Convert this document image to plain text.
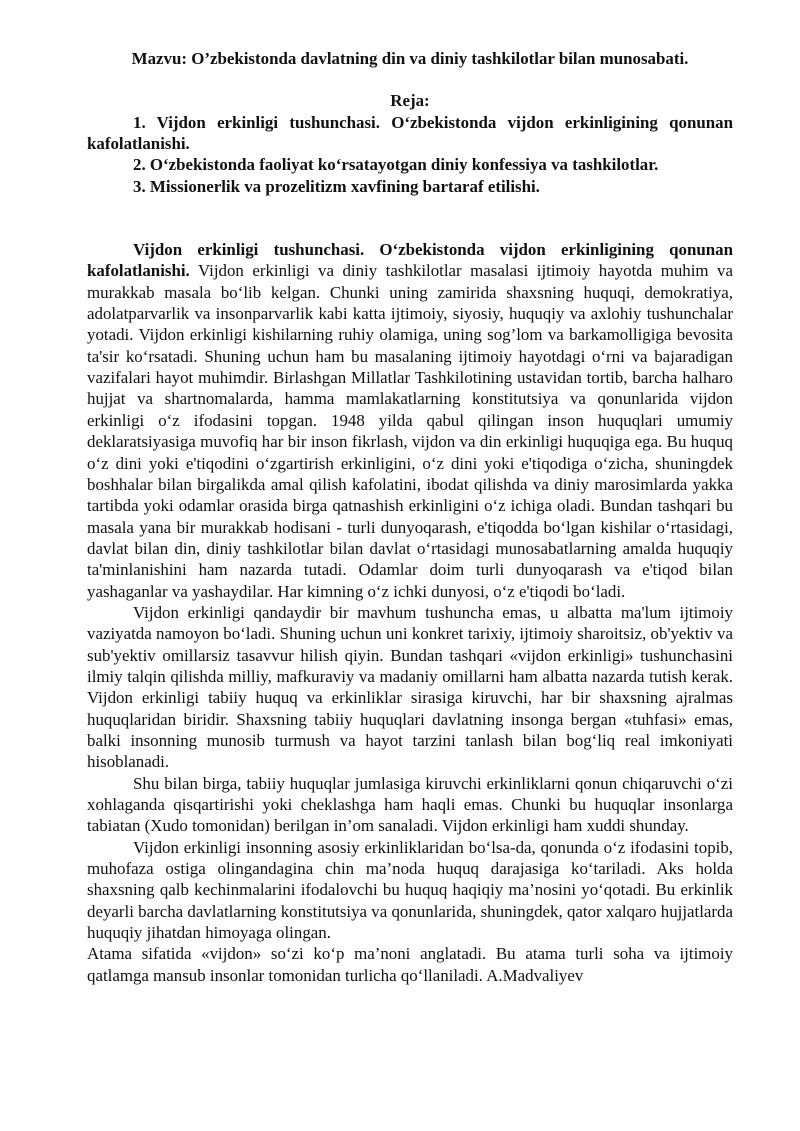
Mazvu: O’zbekistonda davlatning din va diniy tashkilotlar bilan munosabati.

Reja:

1. Vijdon erkinligi tushunchasi. O‘zbekistonda vijdon erkinligining qonunan kafolatlanishi.

2. O‘zbekistonda faoliyat ko‘rsatayotgan diniy konfessiya va tashkilotlar.

3. Missionerlik va prozelitizm xavfining bartaraf etilishi.

Vijdon erkinligi tushunchasi. O‘zbekistonda vijdon erkinligining qonunan kafolatlanishi. Vijdon erkinligi va diniy tashkilotlar masalasi ijtimoiy hayotda muhim va murakkab masala bo‘lib kelgan. Chunki uning zamirida shaxsning huquqi, demokratiya, adolatparvarlik va insonparvarlik kabi katta ijtimoiy, siyosiy, huquqiy va axlohiy tushunchalar yotadi. Vijdon erkinligi kishilarning ruhiy olamiga, uning sog’lom va barkamolligiga bevosita ta'sir ko‘rsatadi. Shuning uchun ham bu masalaning ijtimoiy hayotdagi o‘rni va bajaradigan vazifalari hayot muhimdir. Birlashgan Millatlar Tashkilotining ustavidan tortib, barcha halharo hujjat va shartnomalarda, hamma mamlakatlarning konstitutsiya va qonunlarida vijdon erkinligi o‘z ifodasini topgan. 1948 yilda qabul qilingan inson huquqlari umumiy deklaratsiyasiga muvofiq har bir inson fikrlash, vijdon va din erkinligi huquqiga ega. Bu huquq o‘z dini yoki e'tiqodini o‘zgartirish erkinligini, o‘z dini yoki e'tiqodiga o‘zicha, shuningdek boshhalar bilan birgalikda amal qilish kafolatini, ibodat qilishda va diniy marosimlarda yakka tartibda yoki odamlar orasida birga qatnashish erkinligini o‘z ichiga oladi. Bundan tashqari bu masala yana bir murakkab hodisani - turli dunyoqarash, e'tiqodda bo‘lgan kishilar o‘rtasidagi, davlat bilan din, diniy tashkilotlar bilan davlat o‘rtasidagi munosabatlarning amalda huquqiy ta'minlanishini ham nazarda tutadi. Odamlar doim turli dunyoqarash va e'tiqod bilan yashaganlar va yashaydilar. Har kimning o‘z ichki dunyosi, o‘z e'tiqodi bo‘ladi.

Vijdon erkinligi qandaydir bir mavhum tushuncha emas, u albatta ma'lum ijtimoiy vaziyatda namoyon bo‘ladi. Shuning uchun uni konkret tarixiy, ijtimoiy sharoitsiz, ob'yektiv va sub'yektiv omillarsiz tasavvur hilish qiyin. Bundan tashqari «vijdon erkinligi» tushunchasini ilmiy talqin qilishda milliy, mafkuraviy va madaniy omillarni ham albatta nazarda tutish kerak. Vijdon erkinligi tabiiy huquq va erkinliklar sirasiga kiruvchi, har bir shaxsning ajralmas huquqlaridan biridir. Shaxsning tabiiy huquqlari davlatning insonga bergan «tuhfasi» emas, balki insonning munosib turmush va hayot tarzini tanlash bilan bog‘liq real imkoniyati hisoblanadi.

Shu bilan birga, tabiiy huquqlar jumlasiga kiruvchi erkinliklarni qonun chiqaruvchi o‘zi xohlaganda qisqartirishi yoki cheklashga ham haqli emas. Chunki bu huquqlar insonlarga tabiatan (Xudo tomonidan) berilgan in’om sanaladi. Vijdon erkinligi ham xuddi shunday.

Vijdon erkinligi insonning asosiy erkinliklaridan bo‘lsa-da, qonunda o‘z ifodasini topib, muhofaza ostiga olingandagina chin ma’noda huquq darajasiga ko‘tariladi. Aks holda shaxsning qalb kechinmalarini ifodalovchi bu huquq haqiqiy ma’nosini yo‘qotadi. Bu erkinlik deyarli barcha davlatlarning konstitutsiya va qonunlarida, shuningdek, qator xalqaro hujjatlarda huquqiy jihatdan himoyaga olingan.

Atama sifatida «vijdon» so‘zi ko‘p ma’noni anglatadi. Bu atama turli soha va ijtimoiy qatlamga mansub insonlar tomonidan turlicha qo‘llaniladi. A.Madvaliyev
